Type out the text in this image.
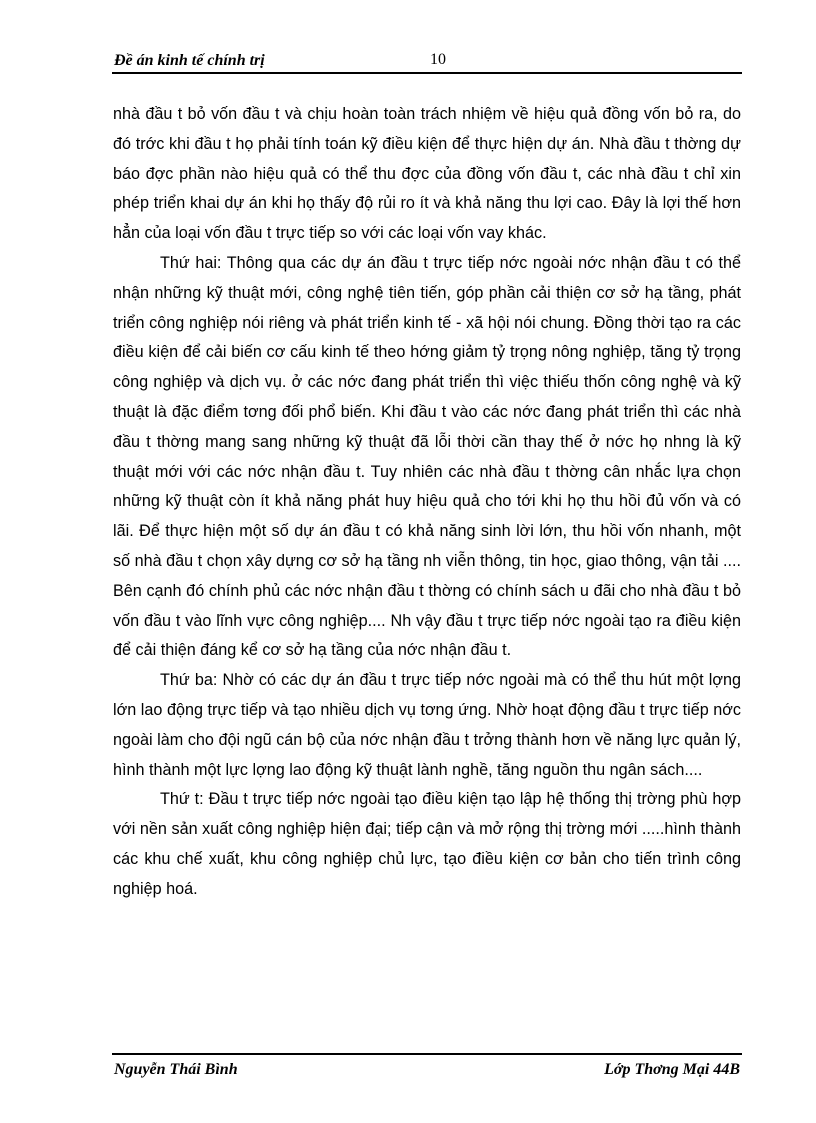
Đề án kinh tế chính trị	10

nhà đầu t bỏ vốn đầu t và chịu hoàn toàn trách nhiệm về hiệu quả đồng vốn bỏ ra, do đó trớc khi đầu t họ phải tính toán kỹ điều kiện để thực hiện dự án. Nhà đầu t thờng dự báo đợc phần nào hiệu quả có thể thu đợc của đồng vốn đầu t, các nhà đầu t chỉ xin phép triển khai dự án khi họ thấy độ rủi ro ít và khả năng thu lợi cao. Đây là lợi thế hơn hẳn của loại vốn đầu t trực tiếp so với các loại vốn vay khác.

Thứ hai: Thông qua các dự án đầu t trực tiếp nớc ngoài nớc nhận đầu t có thể nhận những kỹ thuật mới, công nghệ tiên tiến, góp phần cải thiện cơ sở hạ tầng, phát triển công nghiệp nói riêng và phát triển kinh tế - xã hội nói chung. Đồng thời tạo ra các điều kiện để cải biến cơ cấu kinh tế theo hớng giảm tỷ trọng nông nghiệp, tăng tỷ trọng công nghiệp và dịch vụ. ở các nớc đang phát triển thì việc thiếu thốn công nghệ và kỹ thuật là đặc điểm tơng đối phổ biến. Khi đầu t vào các nớc đang phát triển thì các nhà đầu t thờng mang sang những kỹ thuật đã lỗi thời cần thay thế ở nớc họ nhng là kỹ thuật mới với các nớc nhận đầu t. Tuy nhiên các nhà đầu t thờng cân nhắc lựa chọn những kỹ thuật còn ít khả năng phát huy hiệu quả cho tới khi họ thu hồi đủ vốn và có lãi. Để thực hiện một số dự án đầu t có khả năng sinh lời lớn, thu hồi vốn nhanh, một số nhà đầu t chọn xây dựng cơ sở hạ tầng nh viễn thông, tin học, giao thông, vận tải .... Bên cạnh đó chính phủ các nớc nhận đầu t thờng có chính sách u đãi cho nhà đầu t bỏ vốn đầu t vào lĩnh vực công nghiệp.... Nh vậy đầu t trực tiếp nớc ngoài tạo ra điều kiện để cải thiện đáng kể cơ sở hạ tầng của nớc nhận đầu t.

Thứ ba: Nhờ có các dự án đầu t trực tiếp nớc ngoài mà có thể thu hút một lợng lớn lao động trực tiếp và tạo nhiều dịch vụ tơng ứng. Nhờ hoạt động đầu t trực tiếp nớc ngoài làm cho đội ngũ cán bộ của nớc nhận đầu t trởng thành hơn về năng lực quản lý, hình thành một lực lợng lao động kỹ thuật lành nghề, tăng nguồn thu ngân sách....

Thứ t: Đầu t trực tiếp nớc ngoài tạo điều kiện tạo lập hệ thống thị trờng phù hợp với nền sản xuất công nghiệp hiện đại; tiếp cận và mở rộng thị trờng mới .....hình thành các khu chế xuất, khu công nghiệp chủ lực, tạo điều kiện cơ bản cho tiến trình công nghiệp hoá.

Nguyễn Thái Bình	Lớp Thơng Mại 44B
